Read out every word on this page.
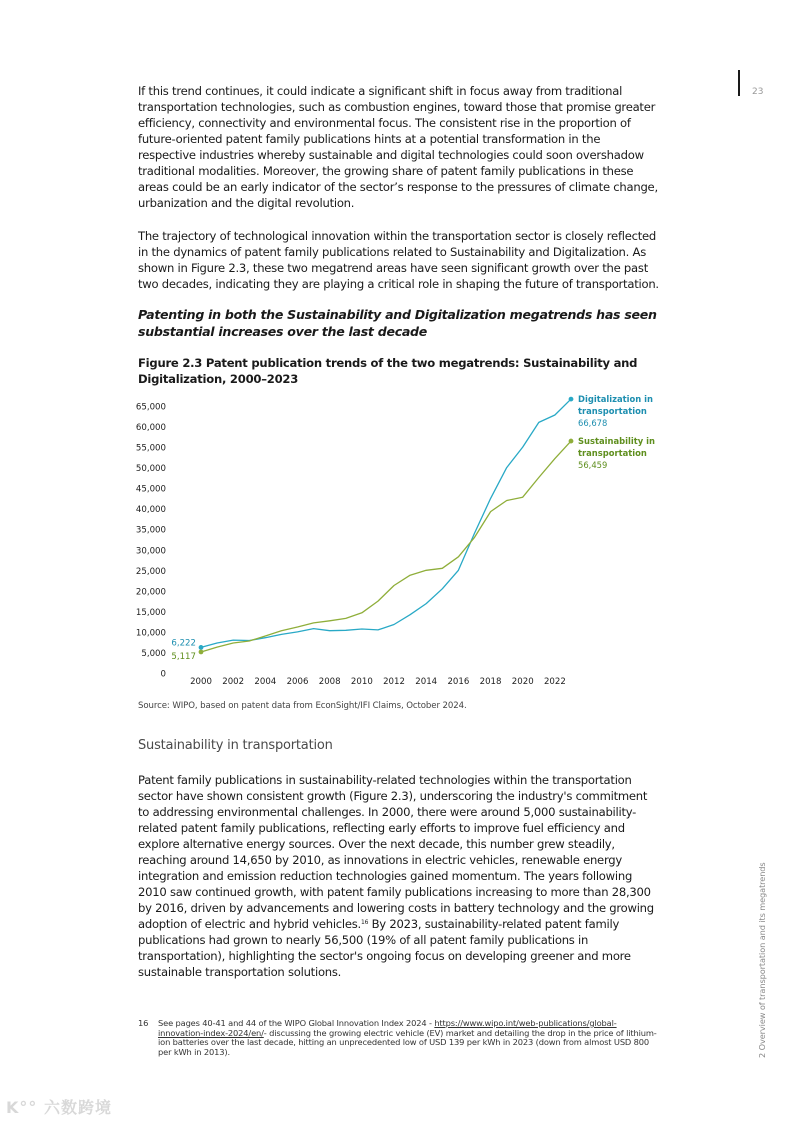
23
2 Overview of transportation and its megatrends

If this trend continues, it could indicate a significant shift in focus away from traditional transportation technologies, such as combustion engines, toward those that promise greater efficiency, connectivity and environmental focus. The consistent rise in the proportion of future-oriented patent family publications hints at a potential transformation in the respective industries whereby sustainable and digital technologies could soon overshadow traditional modalities. Moreover, the growing share of patent family publications in these areas could be an early indicator of the sector’s response to the pressures of climate change, urbanization and the digital revolution.

The trajectory of technological innovation within the transportation sector is closely reflected in the dynamics of patent family publications related to Sustainability and Digitalization. As shown in Figure 2.3, these two megatrend areas have seen significant growth over the past two decades, indicating they are playing a critical role in shaping the future of transportation.

Patenting in both the Sustainability and Digitalization megatrends has seen substantial increases over the last decade

Figure 2.3 Patent publication trends of the two megatrends: Sustainability and Digitalization, 2000–2023

0
5,000
10,000
15,000
20,000
25,000
30,000
35,000
40,000
45,000
50,000
55,000
60,000
65,000
2000 2002 2004 2006 2008 2010 2012 2014 2016 2018 2020 2022
6,222
Digitalization in
transportation
66,678
5,117
Sustainability in
transportation
56,459
Source: WIPO, based on patent data from EconSight/IFI Claims, October 2024.
Sustainability in transportation

Patent family publications in sustainability-related technologies within the transportation sector have shown consistent growth (Figure 2.3), underscoring the industry's commitment to addressing environmental challenges. In 2000, there were around 5,000 sustainability-related patent family publications, reflecting early efforts to improve fuel efficiency and explore alternative energy sources. Over the next decade, this number grew steadily, reaching around 14,650 by 2010, as innovations in electric vehicles, renewable energy integration and emission reduction technologies gained momentum. The years following 2010 saw continued growth, with patent family publications increasing to more than 28,300 by 2016, driven by advancements and lowering costs in battery technology and the growing adoption of electric and hybrid vehicles.$^{16}$ By 2023, sustainability-related patent family publications had grown to nearly 56,500 (19% of all patent family publications in transportation), highlighting the sector's ongoing focus on developing greener and more sustainable transportation solutions.

16 See pages 40-41 and 44 of the WIPO Global Innovation Index 2024 - https://www.wipo.int/web-publications/global-innovation-index-2024/en/- discussing the growing electric vehicle (EV) market and detailing the drop in the price of lithium-ion batteries over the last decade, hitting an unprecedented low of USD 139 per kWh in 2023 (down from almost USD 800 per kWh in 2013).
K°° 六数跨境
